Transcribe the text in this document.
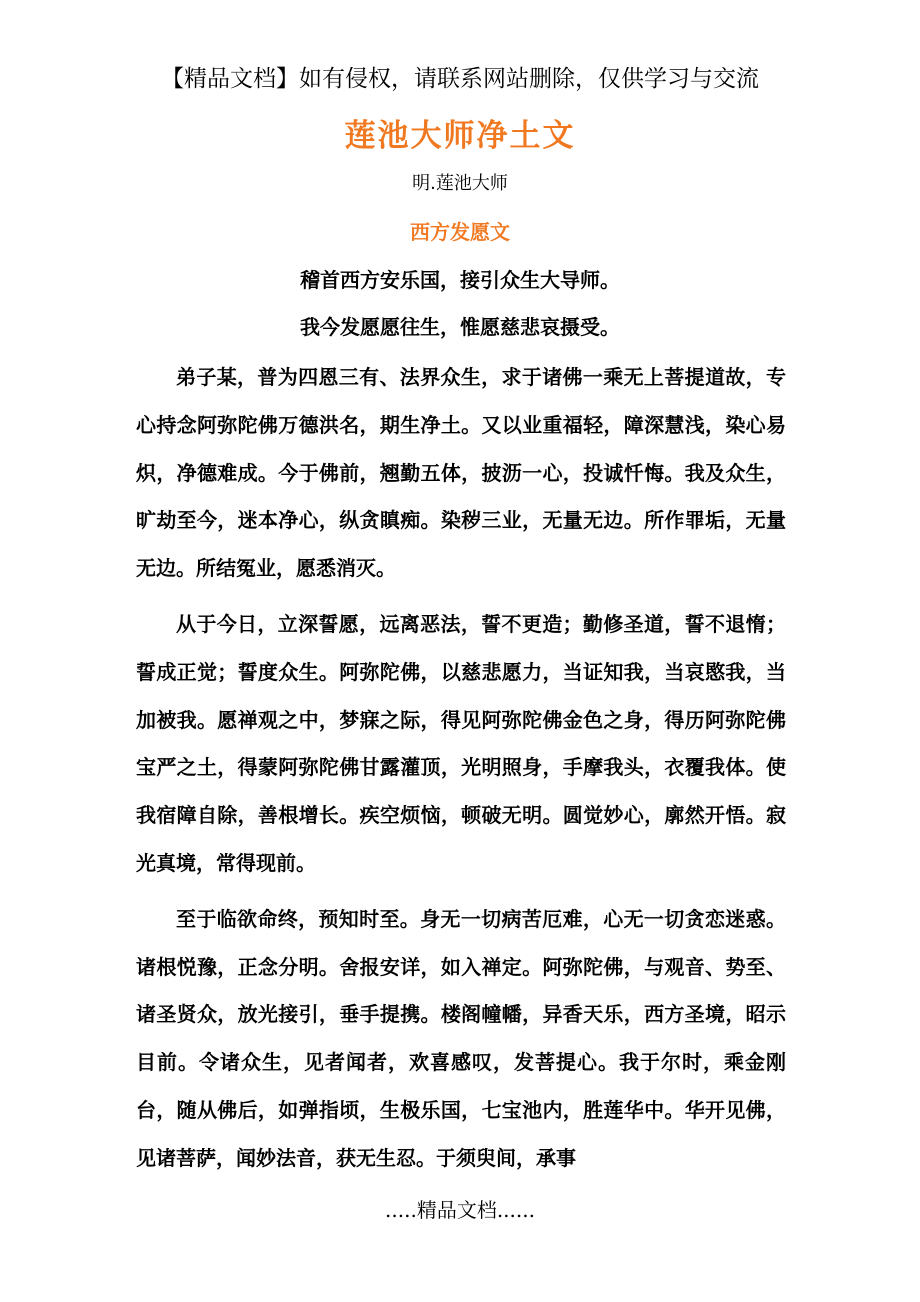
【精品文档】如有侵权，请联系网站删除，仅供学习与交流
莲池大师净土文
明.莲池大师
西方发愿文
稽首西方安乐国，接引众生大导师。
我今发愿愿往生，惟愿慈悲哀摄受。

弟子某，普为四恩三有、法界众生，求于诸佛一乘无上菩提道故，专心持念阿弥陀佛万德洪名，期生净土。又以业重福轻，障深慧浅，染心易炽，净德难成。今于佛前，翘勤五体，披沥一心，投诚忏悔。我及众生，旷劫至今，迷本净心，纵贪瞋痴。染秽三业，无量无边。所作罪垢，无量无边。所结冤业，愿悉消灭。

从于今日，立深誓愿，远离恶法，誓不更造；勤修圣道，誓不退惰；誓成正觉；誓度众生。阿弥陀佛，以慈悲愿力，当证知我，当哀愍我，当加被我。愿禅观之中，梦寐之际，得见阿弥陀佛金色之身，得历阿弥陀佛宝严之土，得蒙阿弥陀佛甘露灌顶，光明照身，手摩我头，衣覆我体。使我宿障自除，善根增长。疾空烦恼，顿破无明。圆觉妙心，廓然开悟。寂光真境，常得现前。

至于临欲命终，预知时至。身无一切病苦厄难，心无一切贪恋迷惑。诸根悦豫，正念分明。舍报安详，如入禅定。阿弥陀佛，与观音、势至、诸圣贤众，放光接引，垂手提携。楼阁幢幡，异香天乐，西方圣境，昭示目前。令诸众生，见者闻者，欢喜感叹，发菩提心。我于尔时，乘金刚台，随从佛后，如弹指顷，生极乐国，七宝池内，胜莲华中。华开见佛，见诸菩萨，闻妙法音，获无生忍。于须臾间，承事

.....精品文档......
